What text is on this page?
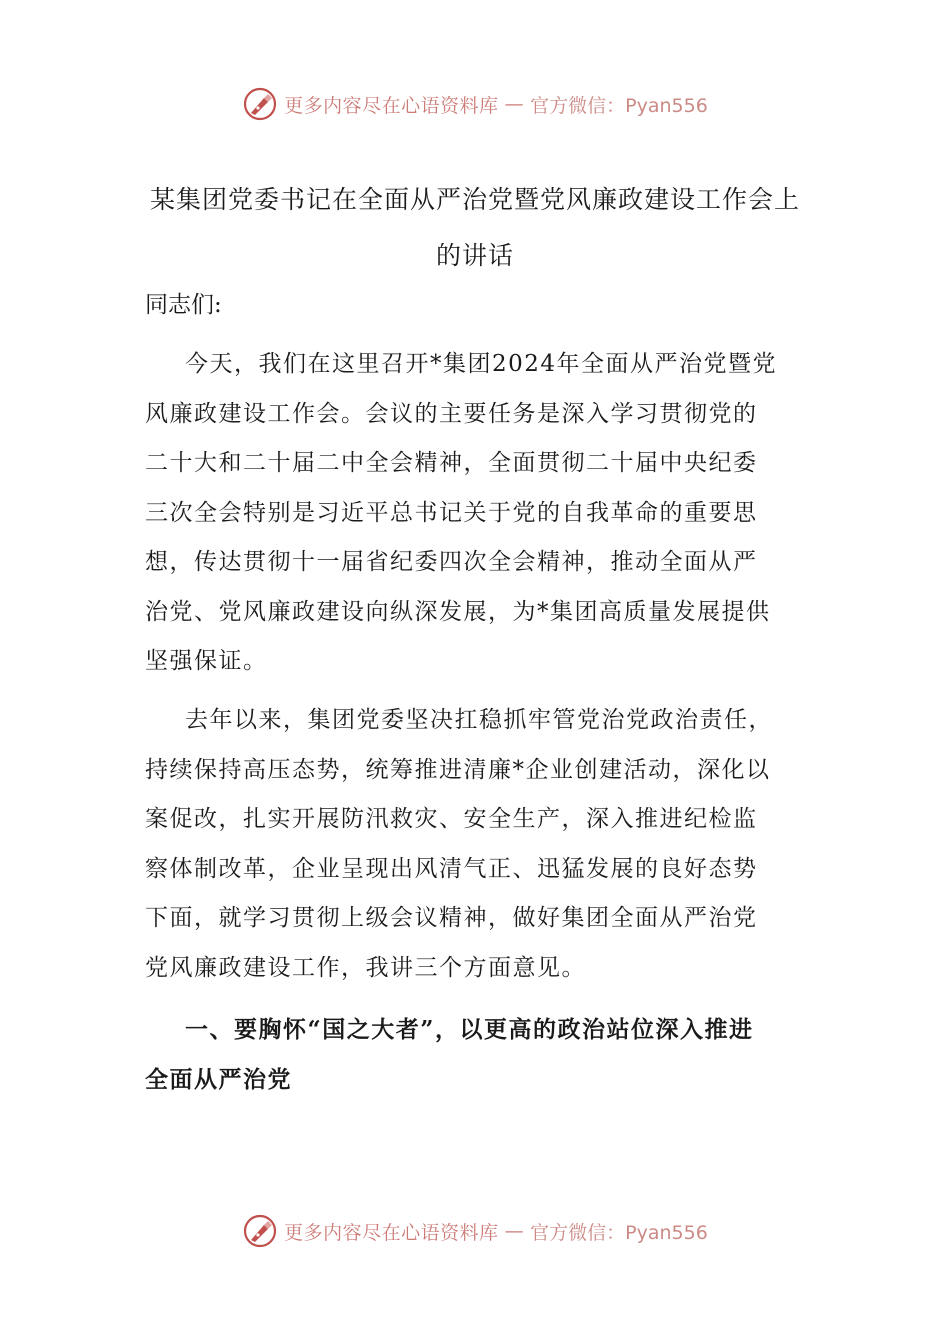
更多内容尽在心语资料库 — 官方微信：Pyan556
某集团党委书记在全面从严治党暨党风廉政建设工作会上
的讲话

同志们:

今天，我们在这里召开*集团2024年全面从严治党暨党
风廉政建设工作会。会议的主要任务是深入学习贯彻党的
二十大和二十届二中全会精神，全面贯彻二十届中央纪委
三次全会特别是习近平总书记关于党的自我革命的重要思
想，传达贯彻十一届省纪委四次全会精神，推动全面从严
治党、党风廉政建设向纵深发展，为*集团高质量发展提供
坚强保证。
去年以来，集团党委坚决扛稳抓牢管党治党政治责任，
持续保持高压态势，统筹推进清廉*企业创建活动，深化以
案促改，扎实开展防汛救灾、安全生产，深入推进纪检监
察体制改革，企业呈现出风清气正、迅猛发展的良好态势
下面，就学习贯彻上级会议精神，做好集团全面从严治党
党风廉政建设工作，我讲三个方面意见。
一、要胸怀“国之大者”，以更高的政治站位深入推进
全面从严治党
更多内容尽在心语资料库 — 官方微信：Pyan556
